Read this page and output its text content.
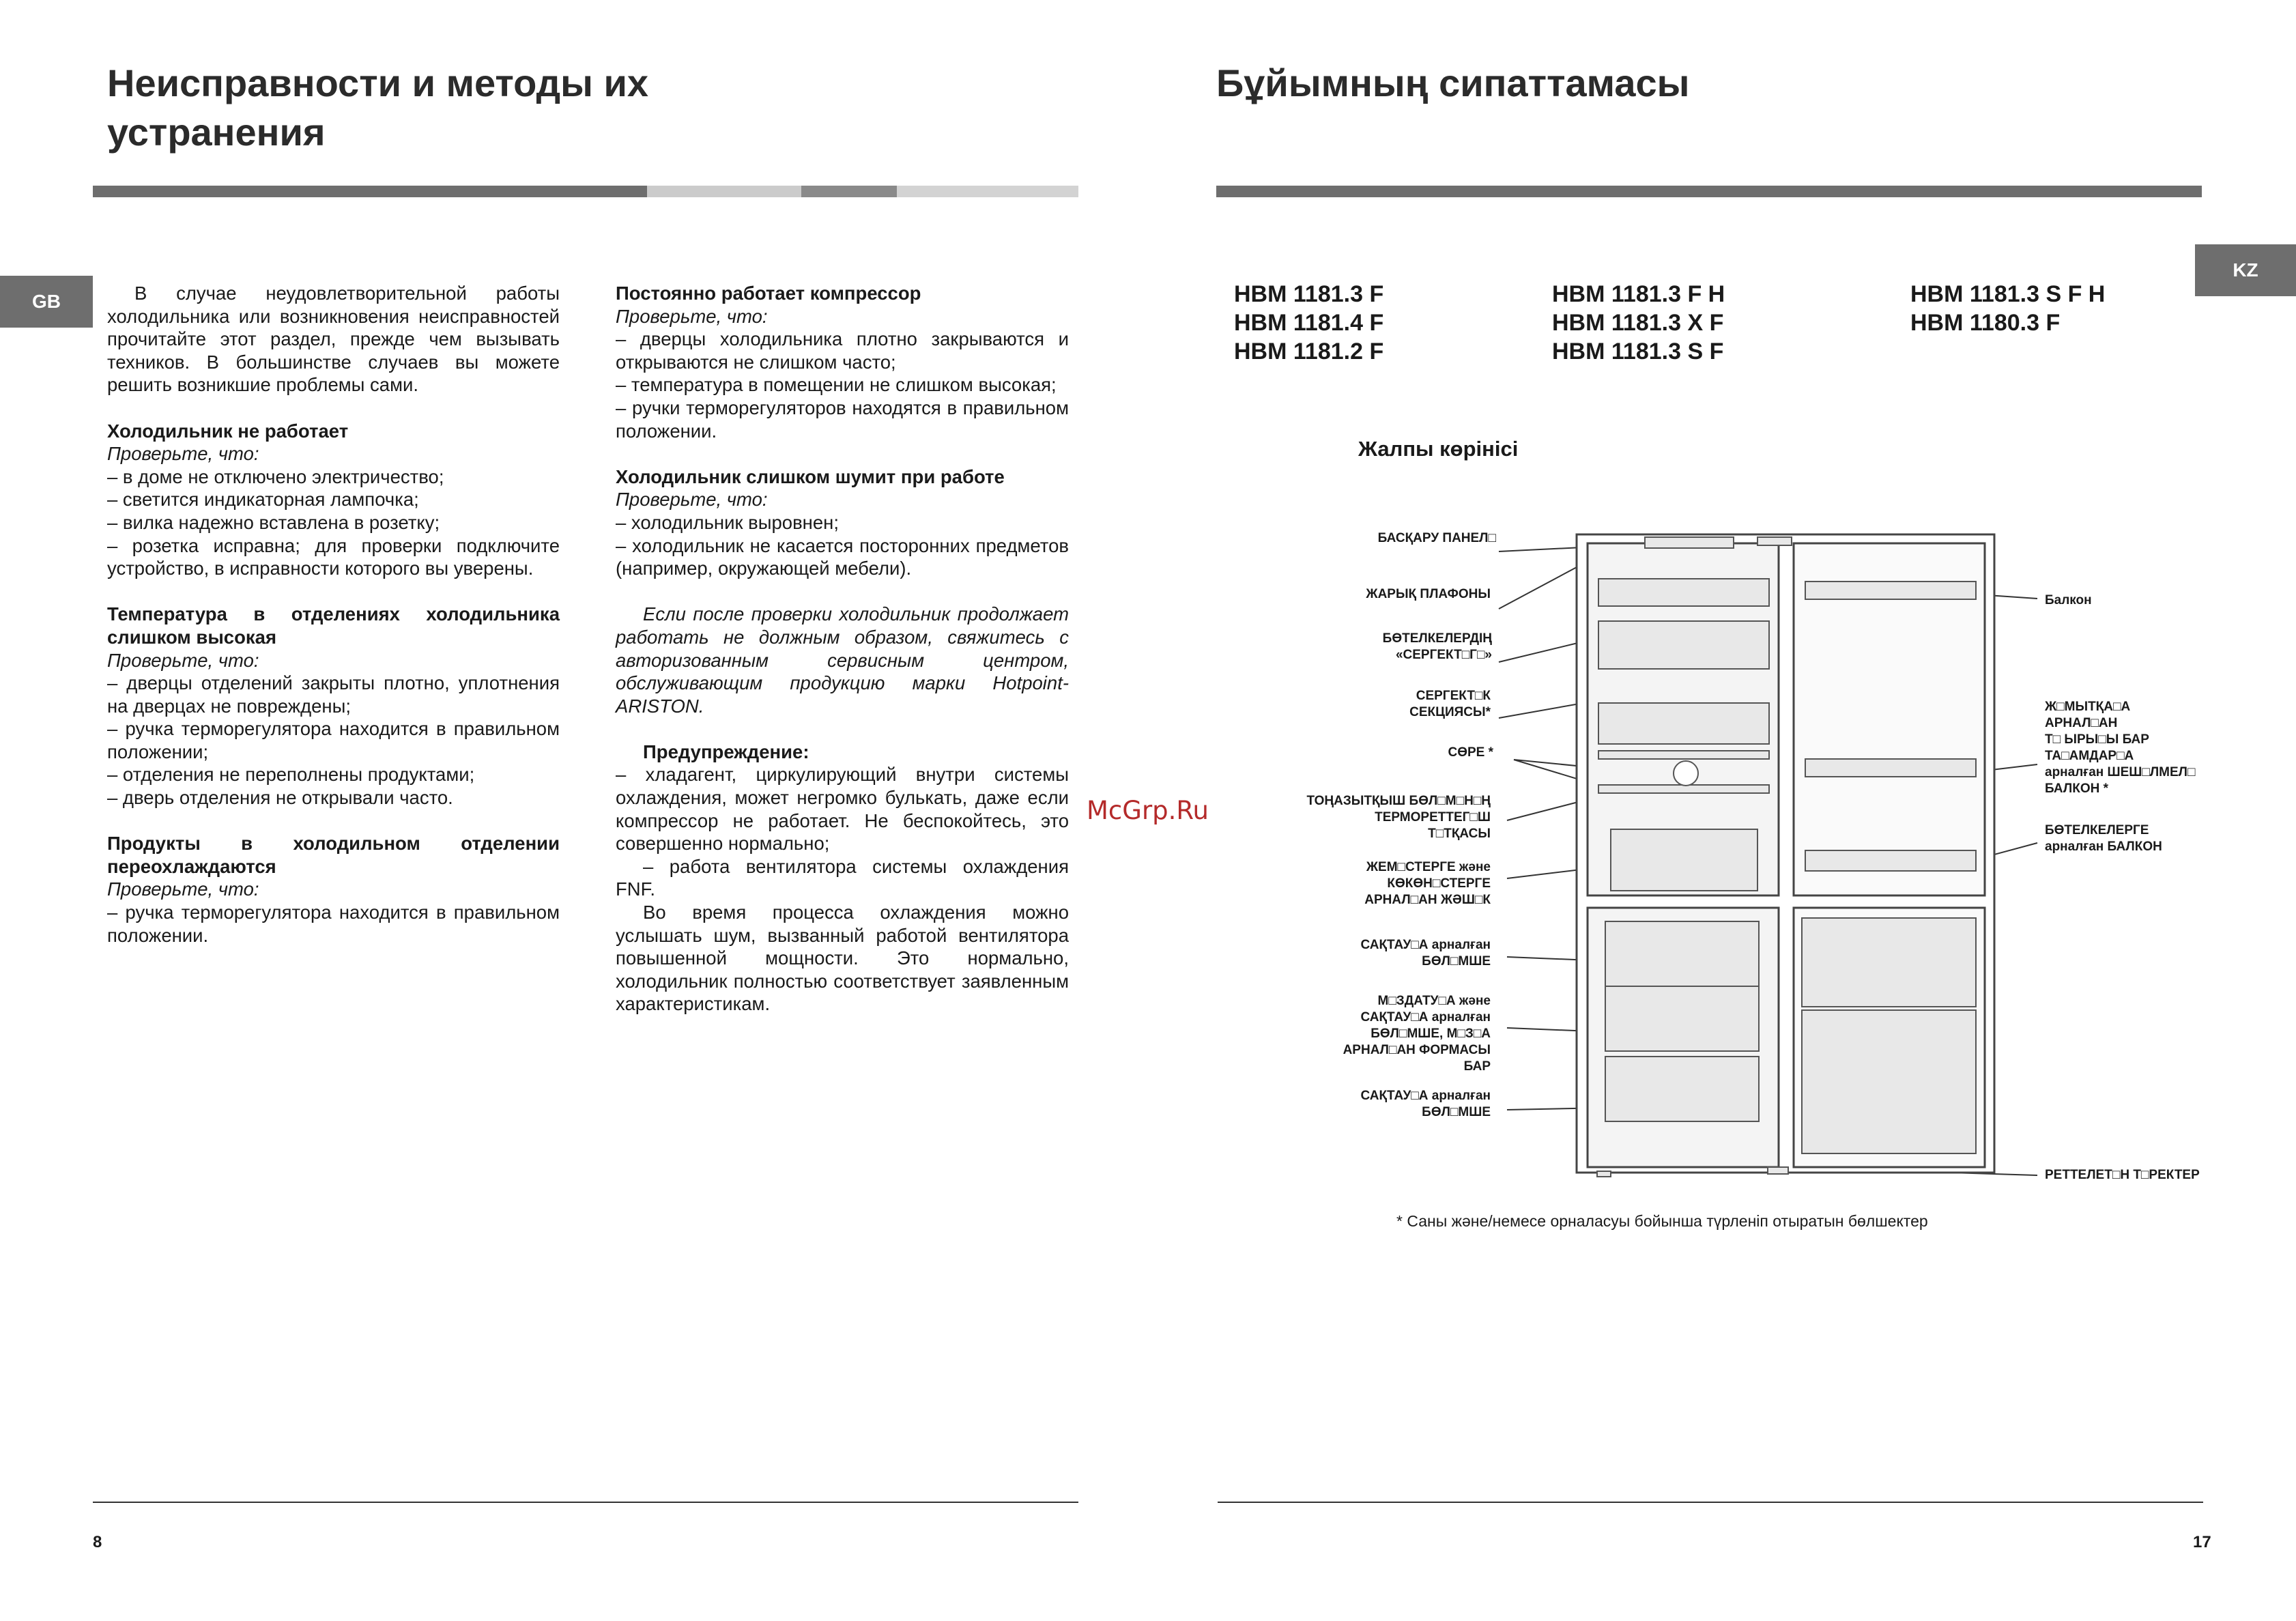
Неисправности и методы их
устранения
GB	В случае неудовлетворительной работы холодильника или возникновения неисправностей прочитайте этот раздел, прежде чем вызывать техников. В большинстве случаев вы можете решить возникшие проблемы сами.

Холодильник не работает

Проверьте, что:

– в доме не отключено электричество;

– светится индикаторная лампочка;

– вилка надежно вставлена в розетку;

– розетка исправна; для проверки подключите устройство, в исправности которого вы уверены.

Температура в отделениях холодильника слишком высокая

Проверьте, что:

– дверцы отделений закрыты плотно, уплотнения на дверцах не повреждены;

– ручка терморегулятора находится в правильном положении;

– отделения не переполнены продуктами;

– дверь отделения не открывали часто.

Продукты в холодильном отделении переохлаждаются

Проверьте, что:

– ручка терморегулятора находится в правильном положении.

Постоянно работает компрессор

Проверьте, что:

– дверцы холодильника плотно закрываются и открываются не слишком часто;

– температура в помещении не слишком высокая;

– ручки терморегуляторов находятся в правильном положении.

Холодильник слишком шумит при работе

Проверьте, что:

– холодильник выровнен;

– холодильник не касается посторонних предметов (например, окружающей мебели).

Если после проверки холодильник продолжает работать не должным образом, свяжитесь с авторизованным сервисным центром, обслуживающим продукцию марки Hotpoint-ARISTON.

Предупреждение:

– хладагент, циркулирующий внутри системы охлаждения, может негромко булькать, даже если компрессор не работает. Не беспокойтесь, это совершенно нормально;

– работа вентилятора системы охлаждения FNF.

Во время процесса охлаждения можно услышать шум, вызванный работой вентилятора повышенной мощности. Это нормально, холодильник полностью соответствует заявленным характеристикам.

8
McGrp.Ru
Бұйымның сипаттамасы
KZ
HBM 1181.3 F
HBM 1181.4 F
HBM 1181.2 F
HBM 1181.3 F H
HBM 1181.3 X F
HBM 1181.3 S F
HBM 1181.3 S F H
HBM 1180.3 F
Жалпы көрінісі
БАСҚАРУ ПАНЕЛ□
ЖАРЫҚ ПЛАФОНЫ
БӨТЕЛКЕЛЕРДІҢ
«СЕРГЕКТ□Г□»
СЕРГЕКТ□К
СЕКЦИЯСЫ*
СӨРЕ *
ТОҢАЗЫТҚЫШ БӨЛ□М□Н□Ң
ТЕРМОРЕТТЕГ□Ш
Т□ТҚАСЫ
ЖЕМ□СТЕРГЕ және
КӨКӨН□СТЕРГЕ
АРНАЛ□АН ЖӘШ□К
САҚТАУ□А арналған
БӨЛ□МШЕ
М□ЗДАТУ□А және
САҚТАУ□А арналған
БӨЛ□МШЕ, М□З□А
АРНАЛ□АН ФОРМАСЫ
БАР
САҚТАУ□А арналған
БӨЛ□МШЕ
Балкон
Ж□МЫТҚА□А
АРНАЛ□АН
Т□ ЫРЫ□Ы БАР
ТА□АМДАР□А
арналған ШЕШ□ЛМЕЛ□
БАЛКОН *
БӨТЕЛКЕЛЕРГЕ
арналған БАЛКОН
РЕТТЕЛЕТ□Н Т□РЕКТЕР
* Саны және/немесе орналасуы бойынша түрленіп отыратын бөлшектер
17
